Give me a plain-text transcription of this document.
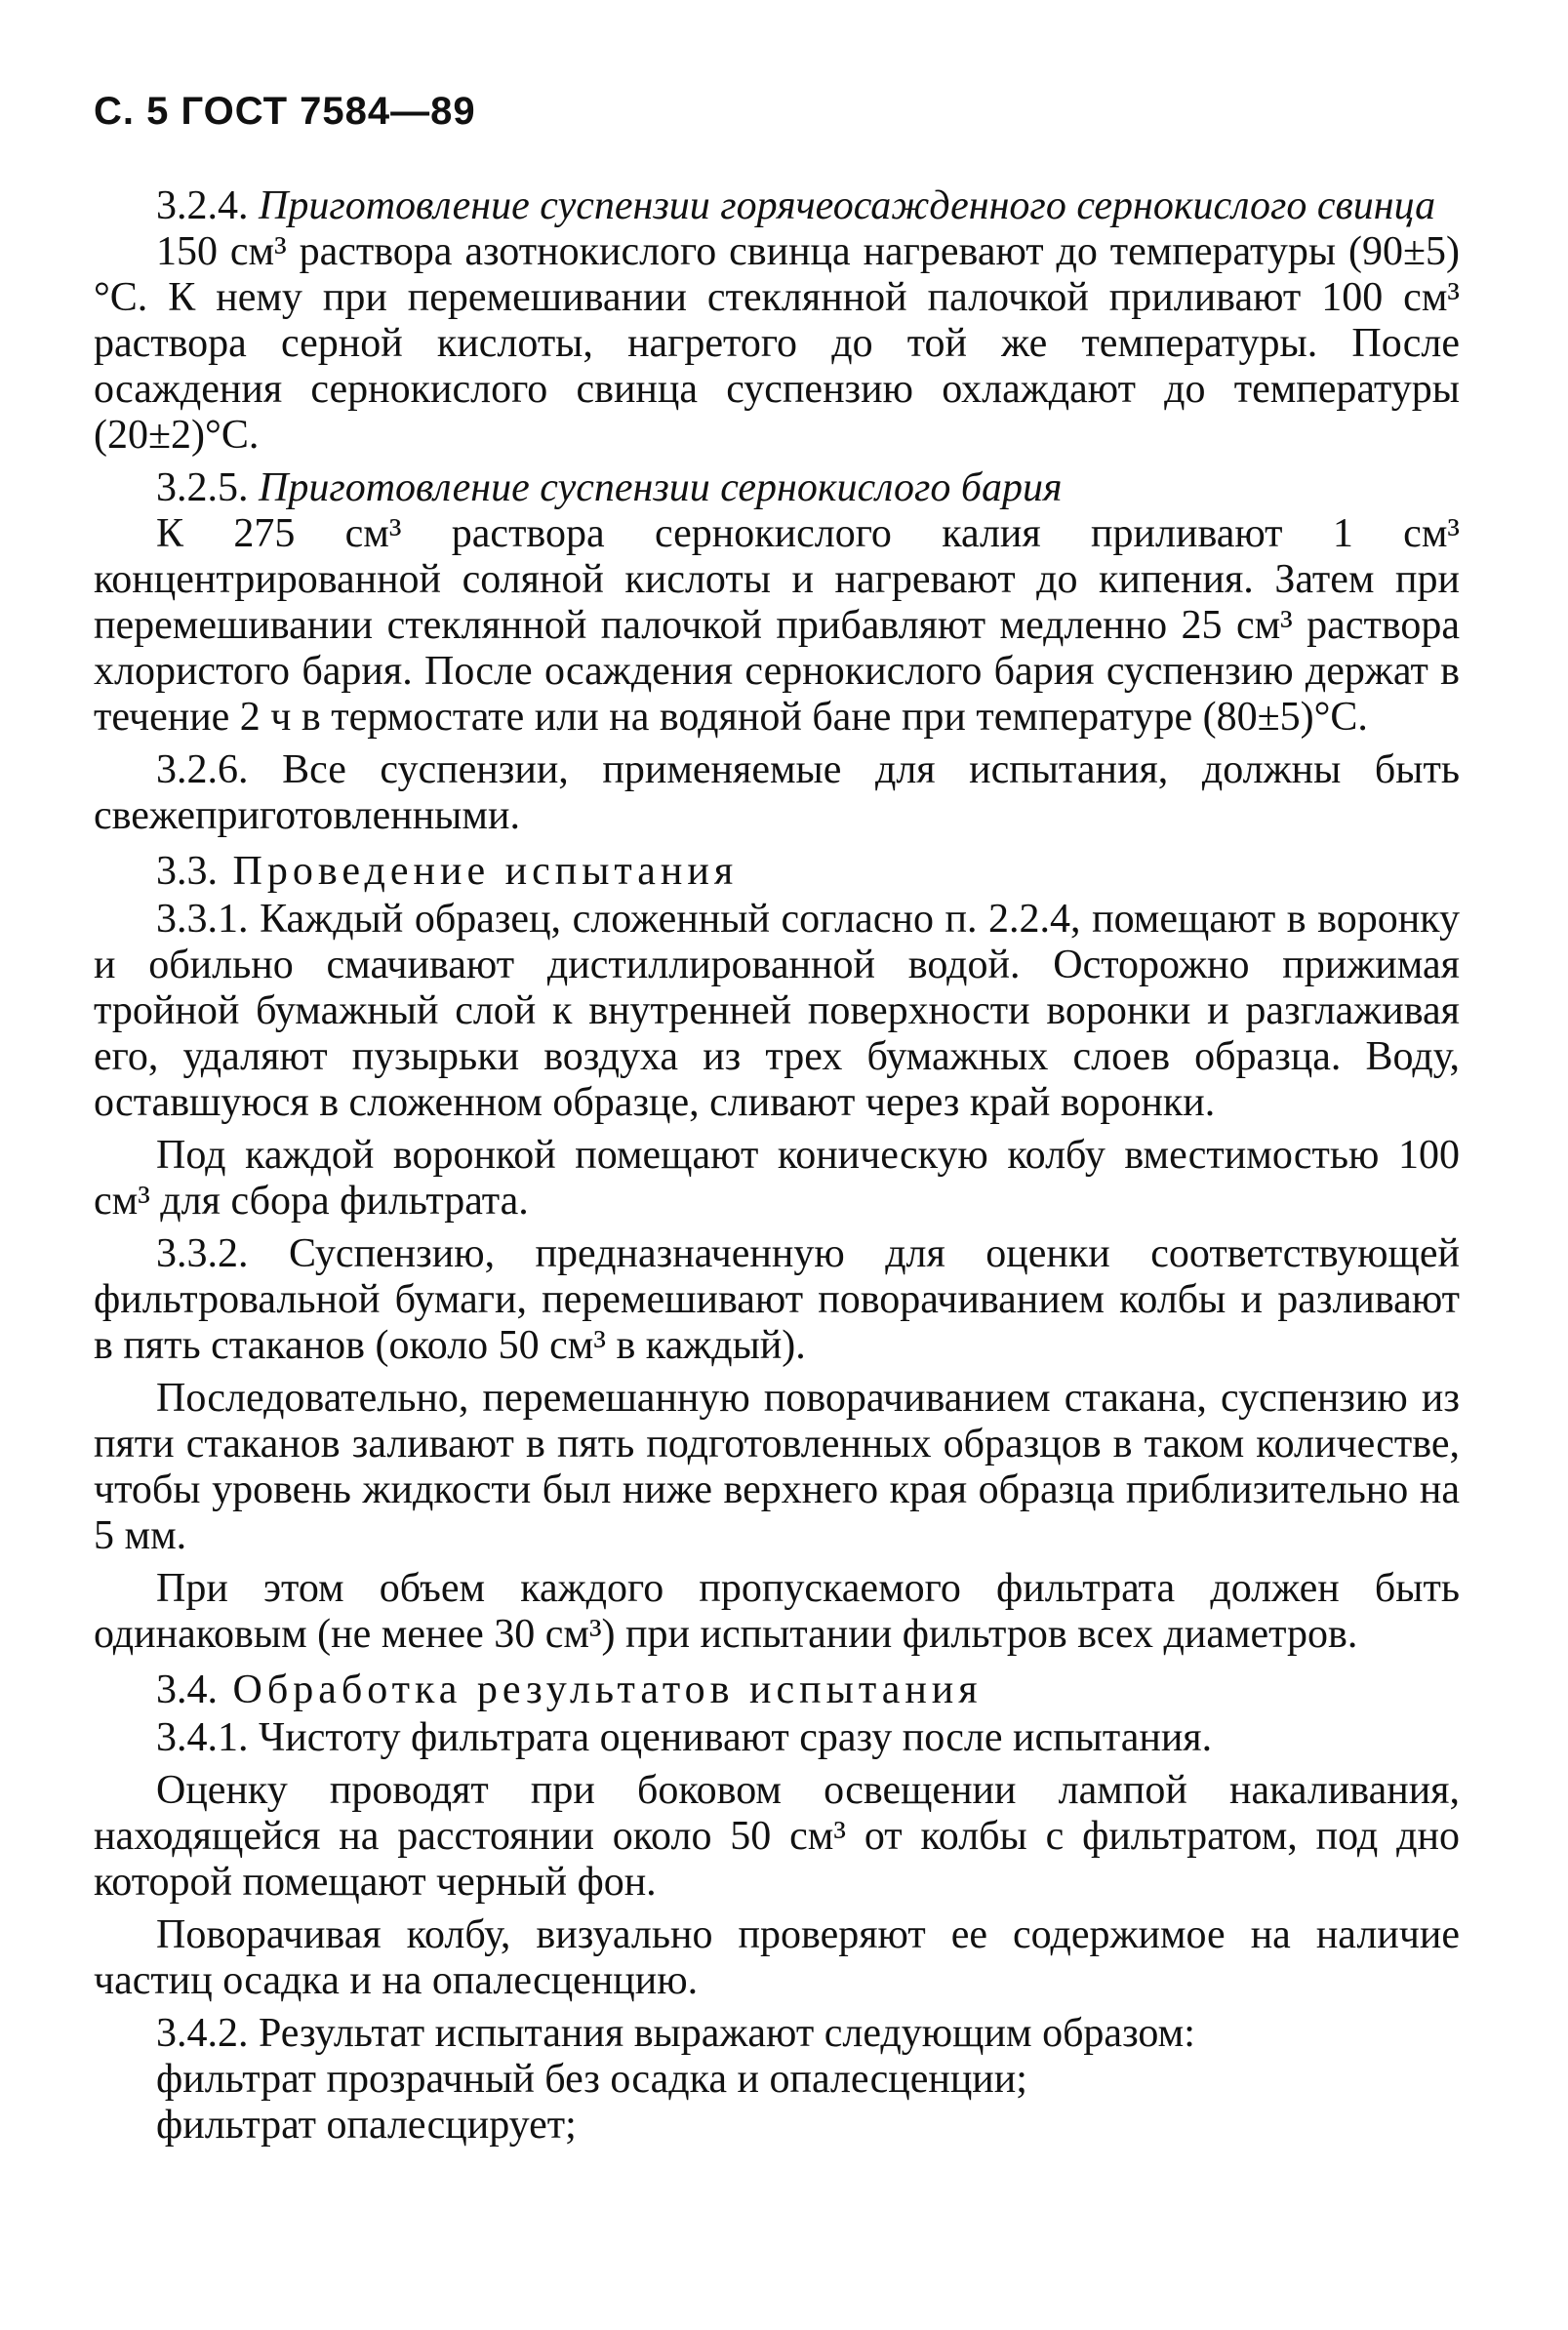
С. 5 ГОСТ 7584—89

3.2.4. Приготовление суспензии горячеосажденного сернокислого свинца

150 см³ раствора азотнокислого свинца нагревают до температуры (90±5)°С. К нему при перемешивании стеклянной палочкой приливают 100 см³ раствора серной кислоты, нагретого до той же температуры. После осаждения сернокислого свинца суспензию охлаждают до температуры (20±2)°С.

3.2.5. Приготовление суспензии сернокислого бария

К 275 см³ раствора сернокислого калия приливают 1 см³ концентрированной соляной кислоты и нагревают до кипения. Затем при перемешивании стеклянной палочкой прибавляют медленно 25 см³ раствора хлористого бария. После осаждения сернокислого бария суспензию держат в течение 2 ч в термостате или на водяной бане при температуре (80±5)°С.

3.2.6. Все суспензии, применяемые для испытания, должны быть свежеприготовленными.

3.3. Проведение испытания

3.3.1. Каждый образец, сложенный согласно п. 2.2.4, помещают в воронку и обильно смачивают дистиллированной водой. Осторожно прижимая тройной бумажный слой к внутренней поверхности воронки и разглаживая его, удаляют пузырьки воздуха из трех бумажных слоев образца. Воду, оставшуюся в сложенном образце, сливают через край воронки.

Под каждой воронкой помещают коническую колбу вместимостью 100 см³ для сбора фильтрата.

3.3.2. Суспензию, предназначенную для оценки соответствующей фильтровальной бумаги, перемешивают поворачиванием колбы и разливают в пять стаканов (около 50 см³ в каждый).

Последовательно, перемешанную поворачиванием стакана, суспензию из пяти стаканов заливают в пять подготовленных образцов в таком количестве, чтобы уровень жидкости был ниже верхнего края образца приблизительно на 5 мм.

При этом объем каждого пропускаемого фильтрата должен быть одинаковым (не менее 30 см³) при испытании фильтров всех диаметров.

3.4. Обработка результатов испытания

3.4.1. Чистоту фильтрата оценивают сразу после испытания.

Оценку проводят при боковом освещении лампой накаливания, находящейся на расстоянии около 50 см³ от колбы с фильтратом, под дно которой помещают черный фон.

Поворачивая колбу, визуально проверяют ее содержимое на наличие частиц осадка и на опалесценцию.

3.4.2. Результат испытания выражают следующим образом:

фильтрат прозрачный без осадка и опалесценции;

фильтрат опалесцирует;
